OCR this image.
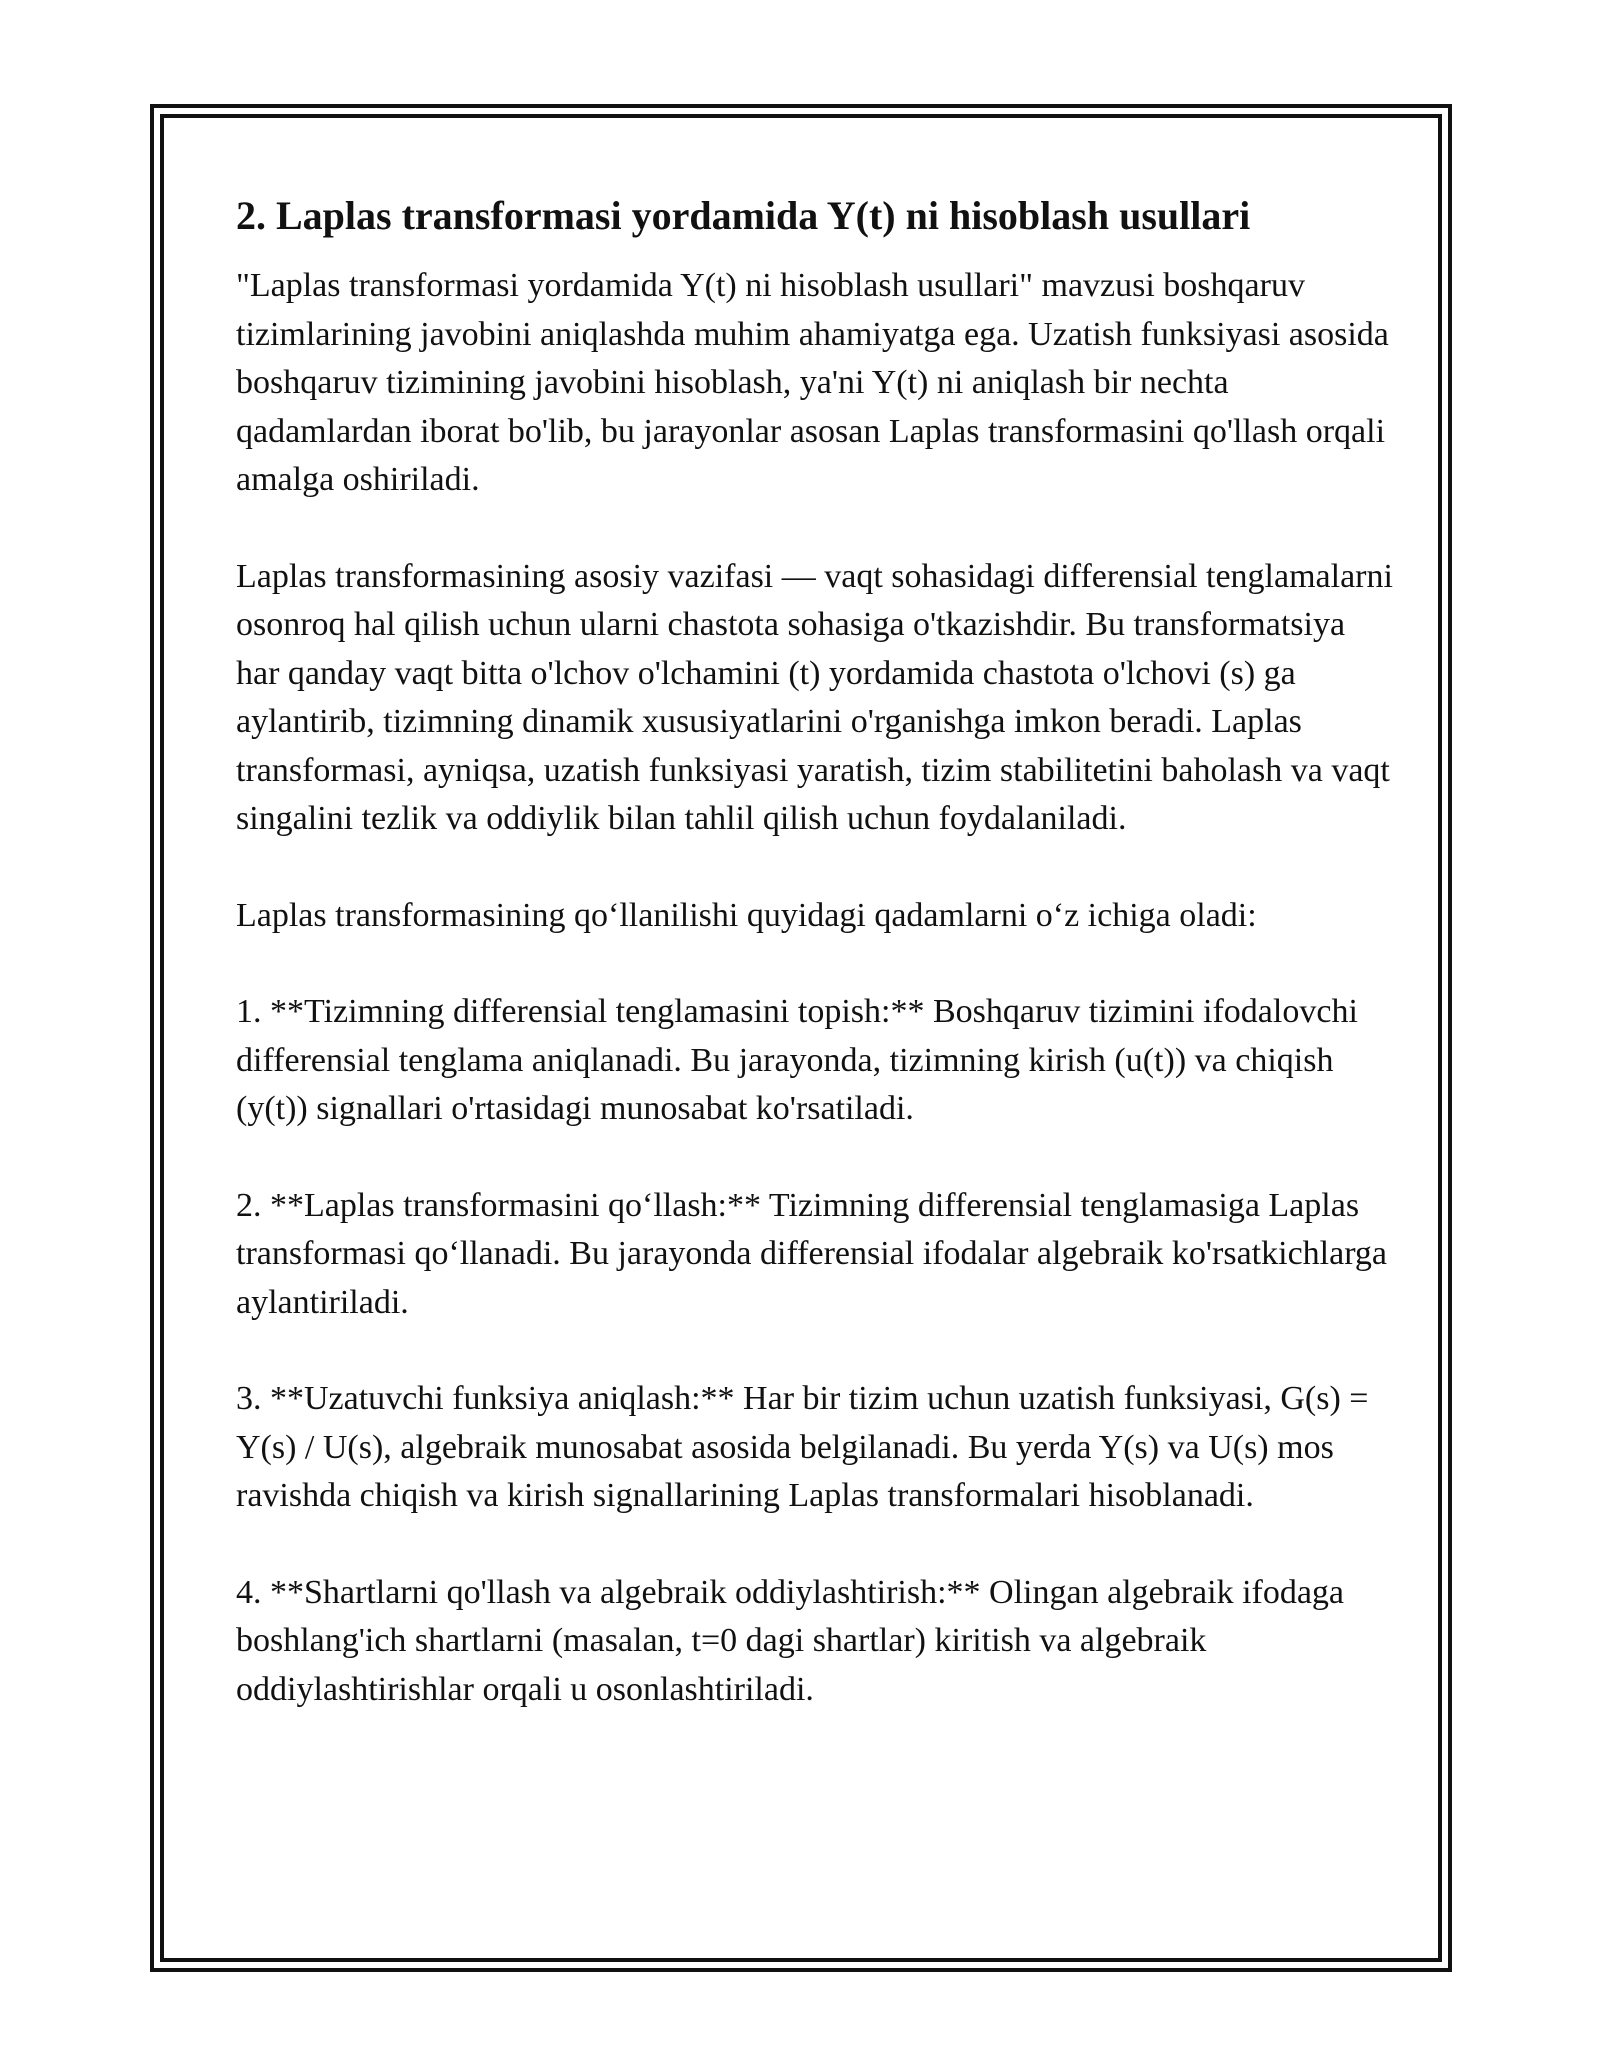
2. Laplas transformasi yordamida Y(t) ni hisoblash usullari

"Laplas transformasi yordamida Y(t) ni hisoblash usullari" mavzusi boshqaruv tizimlarining javobini aniqlashda muhim ahamiyatga ega. Uzatish funksiyasi asosida boshqaruv tizimining javobini hisoblash, ya'ni Y(t) ni aniqlash bir nechta qadamlardan iborat bo'lib, bu jarayonlar asosan Laplas transformasini qo'llash orqali amalga oshiriladi.

Laplas transformasining asosiy vazifasi — vaqt sohasidagi differensial tenglamalarni osonroq hal qilish uchun ularni chastota sohasiga o'tkazishdir. Bu transformatsiya har qanday vaqt bitta o'lchov o'lchamini (t) yordamida chastota o'lchovi (s) ga aylantirib, tizimning dinamik xususiyatlarini o'rganishga imkon beradi. Laplas transformasi, ayniqsa, uzatish funksiyasi yaratish, tizim stabilitetini baholash va vaqt singalini tezlik va oddiylik bilan tahlil qilish uchun foydalaniladi.

Laplas transformasining qoʻllanilishi quyidagi qadamlarni oʻz ichiga oladi:

1. **Tizimning differensial tenglamasini topish:** Boshqaruv tizimini ifodalovchi differensial tenglama aniqlanadi. Bu jarayonda, tizimning kirish (u(t)) va chiqish (y(t)) signallari o'rtasidagi munosabat ko'rsatiladi.

2. **Laplas transformasini qoʻllash:** Tizimning differensial tenglamasiga Laplas transformasi qoʻllanadi. Bu jarayonda differensial ifodalar algebraik ko'rsatkichlarga aylantiriladi.

3. **Uzatuvchi funksiya aniqlash:** Har bir tizim uchun uzatish funksiyasi, G(s) = Y(s) / U(s), algebraik munosabat asosida belgilanadi. Bu yerda Y(s) va U(s) mos ravishda chiqish va kirish signallarining Laplas transformalari hisoblanadi.

4. **Shartlarni qo'llash va algebraik oddiylashtirish:** Olingan algebraik ifodaga boshlang'ich shartlarni (masalan, t=0 dagi shartlar) kiritish va algebraik oddiylashtirishlar orqali u osonlashtiriladi.
